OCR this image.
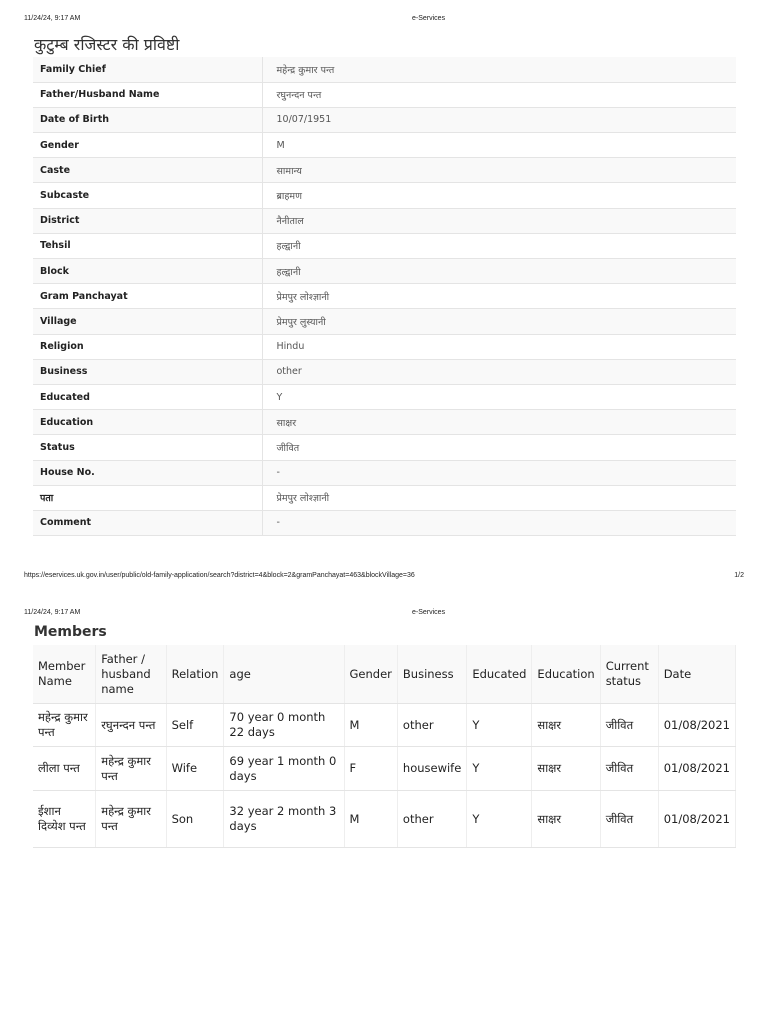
11/24/24, 9:17 AM	e-Services
कुटुम्ब रजिस्टर की प्रविष्टी
Family Chief	महेन्द्र कुमार पन्त
Father/Husband Name	रघुनन्दन पन्त
Date of Birth	10/07/1951
Gender	M
Caste	सामान्य
Subcaste	ब्राहमण
District	नैनीताल
Tehsil	हल्द्वानी
Block	हल्द्वानी
Gram Panchayat	प्रेमपुर लोश्ज्ञानी
Village	प्रेमपुर लुस्यानी
Religion	Hindu
Business	other
Educated	Y
Education	साक्षर
Status	जीवित
House No.	-
पता	प्रेमपुर लोश्ज्ञानी
Comment	-
https://eservices.uk.gov.in/user/public/old-family-application/search?district=4&block=2&gramPanchayat=463&blockVillage=36	1/2
11/24/24, 9:17 AM	e-Services
Members
Member Name	Father / husband name	Relation	age	Gender	Business	Educated	Education	Current status	Date
महेन्द्र कुमार पन्त	रघुनन्दन पन्त	Self	70 year 0 month 22 days	M	other	Y	साक्षर	जीवित	01/08/2021
लीला पन्त	महेन्द्र कुमार पन्त	Wife	69 year 1 month 0 days	F	housewife	Y	साक्षर	जीवित	01/08/2021
ईशान दिव्येश पन्त	महेन्द्र कुमार पन्त	Son	32 year 2 month 3 days	M	other	Y	साक्षर	जीवित	01/08/2021
